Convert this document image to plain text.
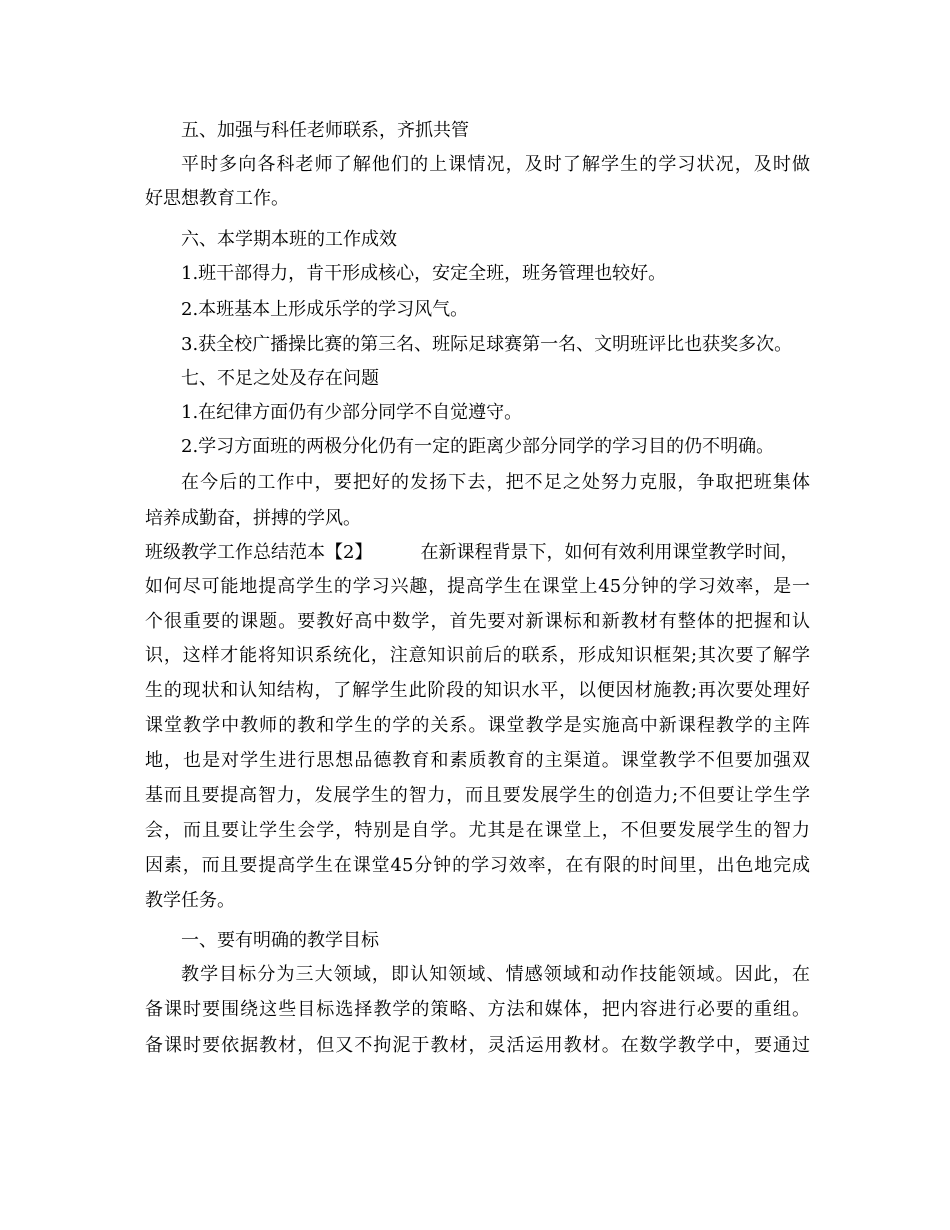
五、加强与科任老师联系，齐抓共管
平时多向各科老师了解他们的上课情况，及时了解学生的学习状况，及时做
好思想教育工作。
六、本学期本班的工作成效
1.班干部得力，肯干形成核心，安定全班，班务管理也较好。
2.本班基本上形成乐学的学习风气。
3.获全校广播操比赛的第三名、班际足球赛第一名、文明班评比也获奖多次。
七、不足之处及存在问题
1.在纪律方面仍有少部分同学不自觉遵守。
2.学习方面班的两极分化仍有一定的距离少部分同学的学习目的仍不明确。
在今后的工作中，要把好的发扬下去，把不足之处努力克服，争取把班集体
培养成勤奋，拼搏的学风。
班级教学工作总结范本【2】	在新课程背景下，如何有效利用课堂教学时间，
如何尽可能地提高学生的学习兴趣，提高学生在课堂上45分钟的学习效率，是一
个很重要的课题。要教好高中数学，首先要对新课标和新教材有整体的把握和认
识，这样才能将知识系统化，注意知识前后的联系，形成知识框架;其次要了解学
生的现状和认知结构，了解学生此阶段的知识水平，以便因材施教;再次要处理好
课堂教学中教师的教和学生的学的关系。课堂教学是实施高中新课程教学的主阵
地，也是对学生进行思想品德教育和素质教育的主渠道。课堂教学不但要加强双
基而且要提高智力，发展学生的智力，而且要发展学生的创造力;不但要让学生学
会，而且要让学生会学，特别是自学。尤其是在课堂上，不但要发展学生的智力
因素，而且要提高学生在课堂45分钟的学习效率，在有限的时间里，出色地完成
教学任务。
一、要有明确的教学目标
教学目标分为三大领域，即认知领域、情感领域和动作技能领域。因此，在
备课时要围绕这些目标选择教学的策略、方法和媒体，把内容进行必要的重组。
备课时要依据教材，但又不拘泥于教材，灵活运用教材。在数学教学中，要通过
